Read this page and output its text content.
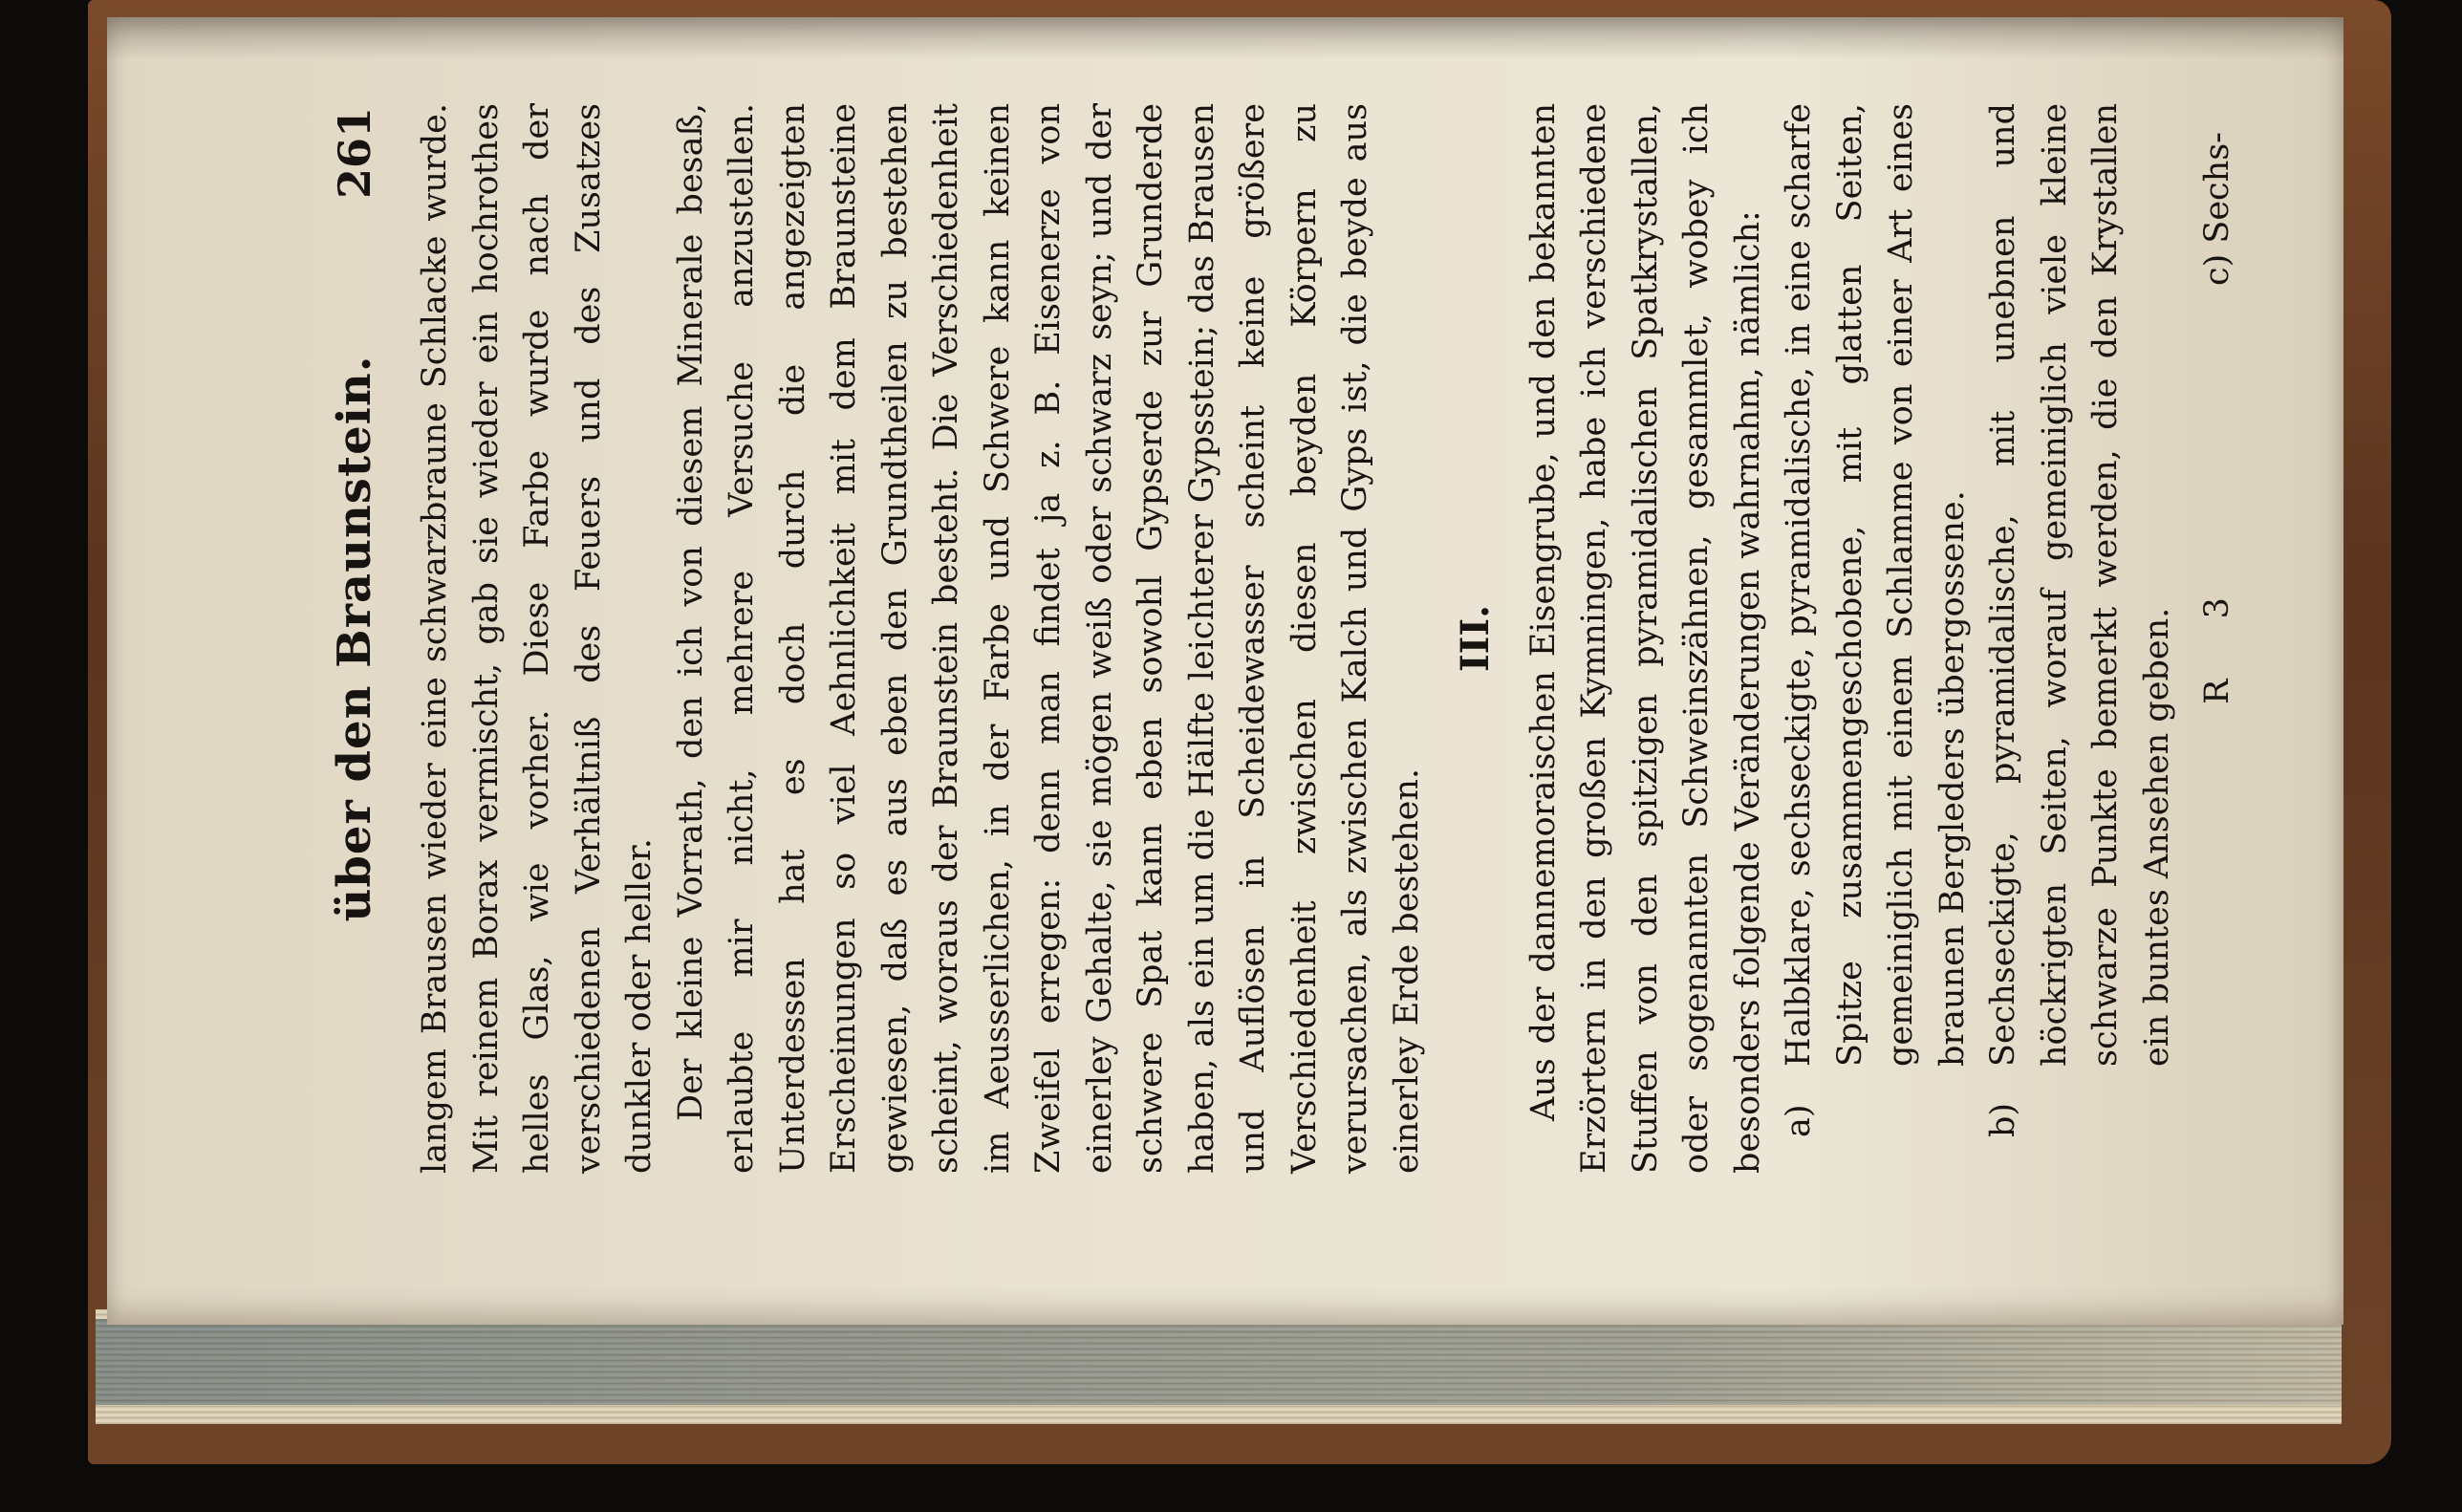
über den Braunstein.
261 langem Brausen wieder eine schwarzbraune Schlacke wurde. Mit reinem Borax vermischt, gab sie wieder ein hochrothes helles Glas, wie vorher. Diese Farbe wurde nach der verschiedenen Verhältniß des Feuers und des Zusatzes dunkler oder heller. Der kleine Vorrath, den ich von diesem Minerale besaß, erlaubte mir nicht, mehrere Versuche anzustellen. Unterdessen hat es doch durch die angezeigten Erscheinungen so viel Aehnlichkeit mit dem Braunsteine gewiesen, daß es aus eben den Grundtheilen zu bestehen scheint, woraus der Braunstein besteht. Die Verschiedenheit im Aeusserlichen, in der Farbe und Schwere kann keinen Zweifel erregen: denn man findet ja z. B. Eisenerze von einerley Gehalte, sie mögen weiß oder schwarz seyn; und der schwere Spat kann eben sowohl Gypserde zur Grunderde haben, als ein um die Hälfte leichterer Gypsstein; das Brausen und Auflösen in Scheidewasser scheint keine größere Verschiedenheit zwischen diesen beyden Körpern zu verursachen, als zwischen Kalch und Gyps ist, die beyde aus einerley Erde bestehen.

III. Aus der dannemoraischen Eisengrube, und den bekannten Erzörtern in den großen Kymningen, habe ich verschiedene Stuffen von den spitzigen pyramidalischen Spatkrystallen, oder sogenannten Schweinszähnen, gesammlet, wobey ich besonders folgende Veränderungen wahrnahm, nämlich: a)
Halbklare, sechseckigte, pyramidalische, in eine scharfe Spitze zusammengeschobene, mit glatten Seiten, gemeiniglich mit einem Schlamme von einer Art eines braunen Bergleders übergossene.

b)
Sechseckigte, pyramidalische, mit unebnen und höckrigten Seiten, worauf gemeiniglich viele kleine schwarze Punkte bemerkt werden, die den Krystallen ein buntes Ansehen geben. R 3
c) Sechs-
